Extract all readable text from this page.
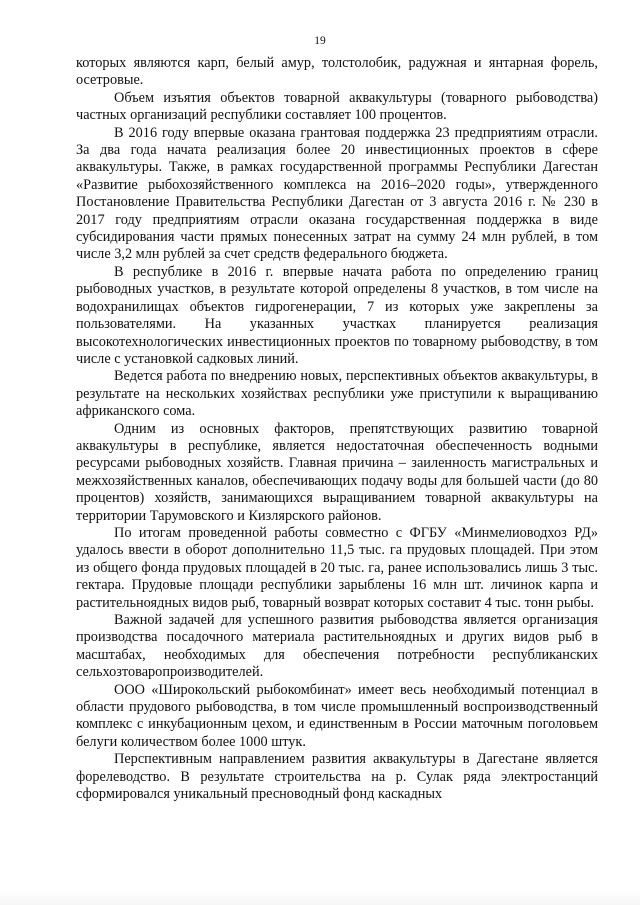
19

которых являются карп, белый амур, толстолобик, радужная и янтарная форель, осетровые.

Объем изъятия объектов товарной аквакультуры (товарного рыбоводства) частных организаций республики составляет 100 процентов.

В 2016 году впервые оказана грантовая поддержка 23 предприятиям отрасли. За два года начата реализация более 20 инвестиционных проектов в сфере аквакультуры. Также, в рамках государственной программы Республики Дагестан «Развитие рыбохозяйственного комплекса на 2016–2020 годы», утвержденного Постановление Правительства Республики Дагестан от 3 августа 2016 г. № 230 в 2017 году предприятиям отрасли оказана государственная поддержка в виде субсидирования части прямых понесенных затрат на сумму 24 млн рублей, в том числе 3,2 млн рублей за счет средств федерального бюджета.

В республике в 2016 г. впервые начата работа по определению границ рыбоводных участков, в результате которой определены 8 участков, в том числе на водохранилищах объектов гидрогенерации, 7 из которых уже закреплены за пользователями. На указанных участках планируется реализация высокотехнологических инвестиционных проектов по товарному рыбоводству, в том числе с установкой садковых линий.

Ведется работа по внедрению новых, перспективных объектов аквакультуры, в результате на нескольких хозяйствах республики уже приступили к выращиванию африканского сома.

Одним из основных факторов, препятствующих развитию товарной аквакультуры в республике, является недостаточная обеспеченность водными ресурсами рыбоводных хозяйств. Главная причина – заиленность магистральных и межхозяйственных каналов, обеспечивающих подачу воды для большей части (до 80 процентов) хозяйств, занимающихся выращиванием товарной аквакультуры на территории Тарумовского и Кизлярского районов.

По итогам проведенной работы совместно с ФГБУ «Минмелиоводхоз РД» удалось ввести в оборот дополнительно 11,5 тыс. га прудовых площадей. При этом из общего фонда прудовых площадей в 20 тыс. га, ранее использовались лишь 3 тыс. гектара. Прудовые площади республики зарыблены 16 млн шт. личинок карпа и растительноядных видов рыб, товарный возврат которых составит 4 тыс. тонн рыбы.

Важной задачей для успешного развития рыбоводства является организация производства посадочного материала растительноядных и других видов рыб в масштабах, необходимых для обеспечения потребности республиканских сельхозтоваропроизводителей.

ООО «Широкольский рыбокомбинат» имеет весь необходимый потенциал в области прудового рыбоводства, в том числе промышленный воспроизводственный комплекс с инкубационным цехом, и единственным в России маточным поголовьем белуги количеством более 1000 штук.

Перспективным направлением развития аквакультуры в Дагестане является форелеводство. В результате строительства на р. Сулак ряда электростанций сформировался уникальный пресноводный фонд каскадных
